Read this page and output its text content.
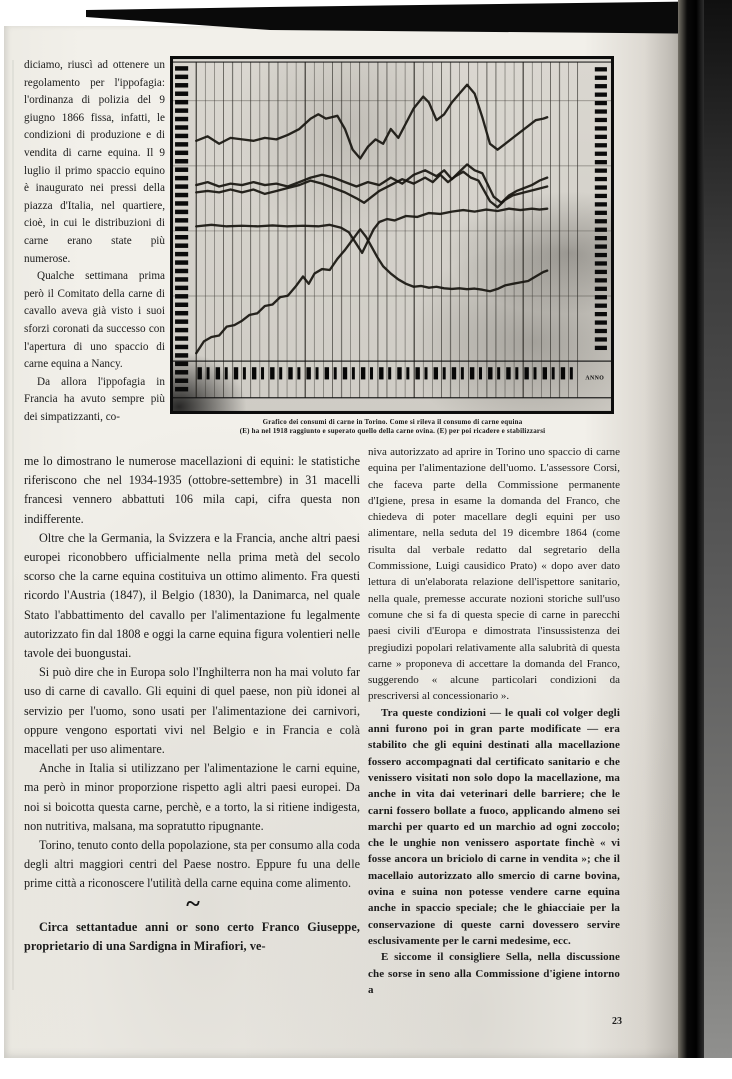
diciamo, riuscì ad ottenere un regolamento per l'ippofagia: l'ordinanza di polizia del 9 giugno 1866 fissa, infatti, le condizioni di produzione e di vendita di carne equina. Il 9 luglio il primo spaccio equino è inaugurato nei pressi della piazza d'Italia, nel quartiere, cioè, in cui le distribuzioni di carne erano state più numerose.

Qualche settimana prima però il Comitato della carne di cavallo aveva già visto i suoi sforzi coronati da successo con l'apertura di uno spaccio di carne equina a Nancy.

Da allora l'ippofagia in Francia ha avuto sempre più dei simpatizzanti, co-

ANNO
Grafico dei consumi di carne in Torino. Come si rileva il consumo di carne equina
(E) ha nel 1918 raggiunto e superato quello della carne ovina. (E) per poi ricadere e stabilizzarsi

me lo dimostrano le numerose macellazioni di equini: le statistiche riferiscono che nel 1934-1935 (ottobre-settembre) in 31 macelli francesi vennero abbattuti 106 mila capi, cifra questa non indifferente.

Oltre che la Germania, la Svizzera e la Francia, anche altri paesi europei riconobbero ufficialmente nella prima metà del secolo scorso che la carne equina costituiva un ottimo alimento. Fra questi ricordo l'Austria (1847), il Belgio (1830), la Danimarca, nel quale Stato l'abbattimento del cavallo per l'alimentazione fu legalmente autorizzato fin dal 1808 e oggi la carne equina figura volentieri nelle tavole dei buongustai.

Si può dire che in Europa solo l'Inghilterra non ha mai voluto far uso di carne di cavallo. Gli equini di quel paese, non più idonei al servizio per l'uomo, sono usati per l'alimentazione dei carnivori, oppure vengono esportati vivi nel Belgio e in Francia e colà macellati per uso alimentare.

Anche in Italia si utilizzano per l'alimentazione le carni equine, ma però in minor proporzione rispetto agli altri paesi europei. Da noi si boicotta questa carne, perchè, e a torto, la si ritiene indigesta, non nutritiva, malsana, ma sopratutto ripugnante.

Torino, tenuto conto della popolazione, sta per consumo alla coda degli altri maggiori centri del Paese nostro. Eppure fu una delle prime città a riconoscere l'utilità della carne equina come alimento.

~

Circa settantadue anni or sono certo Franco Giuseppe, proprietario di una Sardigna in Mirafiori, ve-

niva autorizzato ad aprire in Torino uno spaccio di carne equina per l'alimentazione dell'uomo. L'assessore Corsi, che faceva parte della Commissione permanente d'Igiene, presa in esame la domanda del Franco, che chiedeva di poter macellare degli equini per uso alimentare, nella seduta del 19 dicembre 1864 (come risulta dal verbale redatto dal segretario della Commissione, Luigi causidico Prato) « dopo aver dato lettura di un'elaborata relazione dell'ispettore sanitario, nella quale, premesse accurate nozioni storiche sull'uso comune che si fa di questa specie di carne in parecchi paesi civili d'Europa e dimostrata l'insussistenza dei pregiudizi popolari relativamente alla salubrità di questa carne » proponeva di accettare la domanda del Franco, suggerendo « alcune particolari condizioni da prescriversi al concessionario ».

Tra queste condizioni — le quali col volger degli anni furono poi in gran parte modificate — era stabilito che gli equini destinati alla macellazione fossero accompagnati dal certificato sanitario e che venissero visitati non solo dopo la macellazione, ma anche in vita dai veterinari delle barriere; che le carni fossero bollate a fuoco, applicando almeno sei marchi per quarto ed un marchio ad ogni zoccolo; che le unghie non venissero asportate finchè « vi fosse ancora un briciolo di carne in vendita »; che il macellaio autorizzato allo smercio di carne bovina, ovina e suina non potesse vendere carne equina anche in spaccio speciale; che le ghiacciaie per la conservazione di queste carni dovessero servire esclusivamente per le carni medesime, ecc.

E siccome il consigliere Sella, nella discussione che sorse in seno alla Commissione d'igiene intorno a

23
